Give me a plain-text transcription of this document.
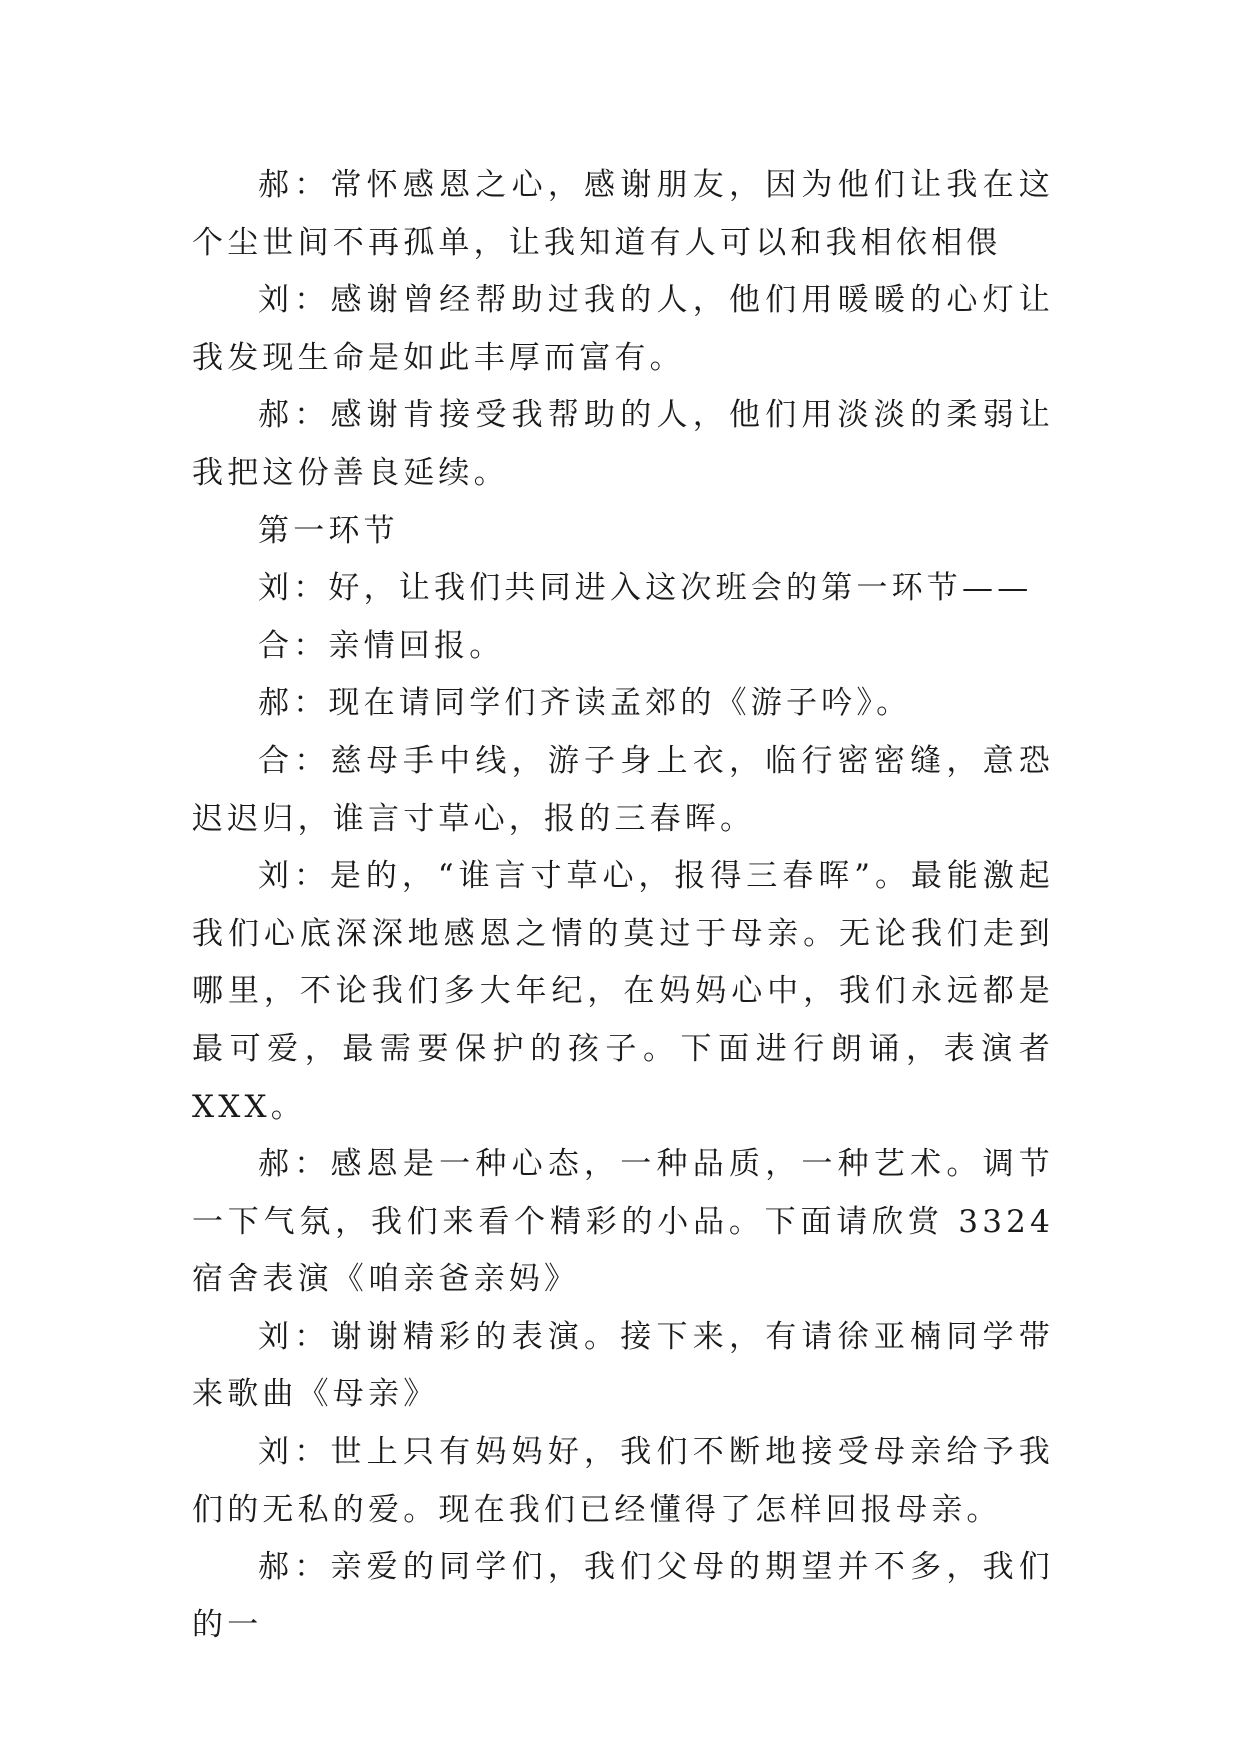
郝：常怀感恩之心，感谢朋友，因为他们让我在这个尘世间不再孤单，让我知道有人可以和我相依相偎

刘：感谢曾经帮助过我的人，他们用暖暖的心灯让我发现生命是如此丰厚而富有。

郝：感谢肯接受我帮助的人，他们用淡淡的柔弱让我把这份善良延续。

第一环节

刘：好，让我们共同进入这次班会的第一环节——

合：亲情回报。

郝：现在请同学们齐读孟郊的《游子吟》。

合：慈母手中线，游子身上衣，临行密密缝，意恐迟迟归，谁言寸草心，报的三春晖。

刘：是的，“谁言寸草心，报得三春晖”。最能激起我们心底深深地感恩之情的莫过于母亲。无论我们走到哪里，不论我们多大年纪，在妈妈心中，我们永远都是最可爱，最需要保护的孩子。下面进行朗诵，表演者 XXX。

郝：感恩是一种心态，一种品质，一种艺术。调节一下气氛，我们来看个精彩的小品。下面请欣赏 3324 宿舍表演《咱亲爸亲妈》

刘：谢谢精彩的表演。接下来，有请徐亚楠同学带来歌曲《母亲》

刘：世上只有妈妈好，我们不断地接受母亲给予我们的无私的爱。现在我们已经懂得了怎样回报母亲。

郝：亲爱的同学们，我们父母的期望并不多，我们的一
